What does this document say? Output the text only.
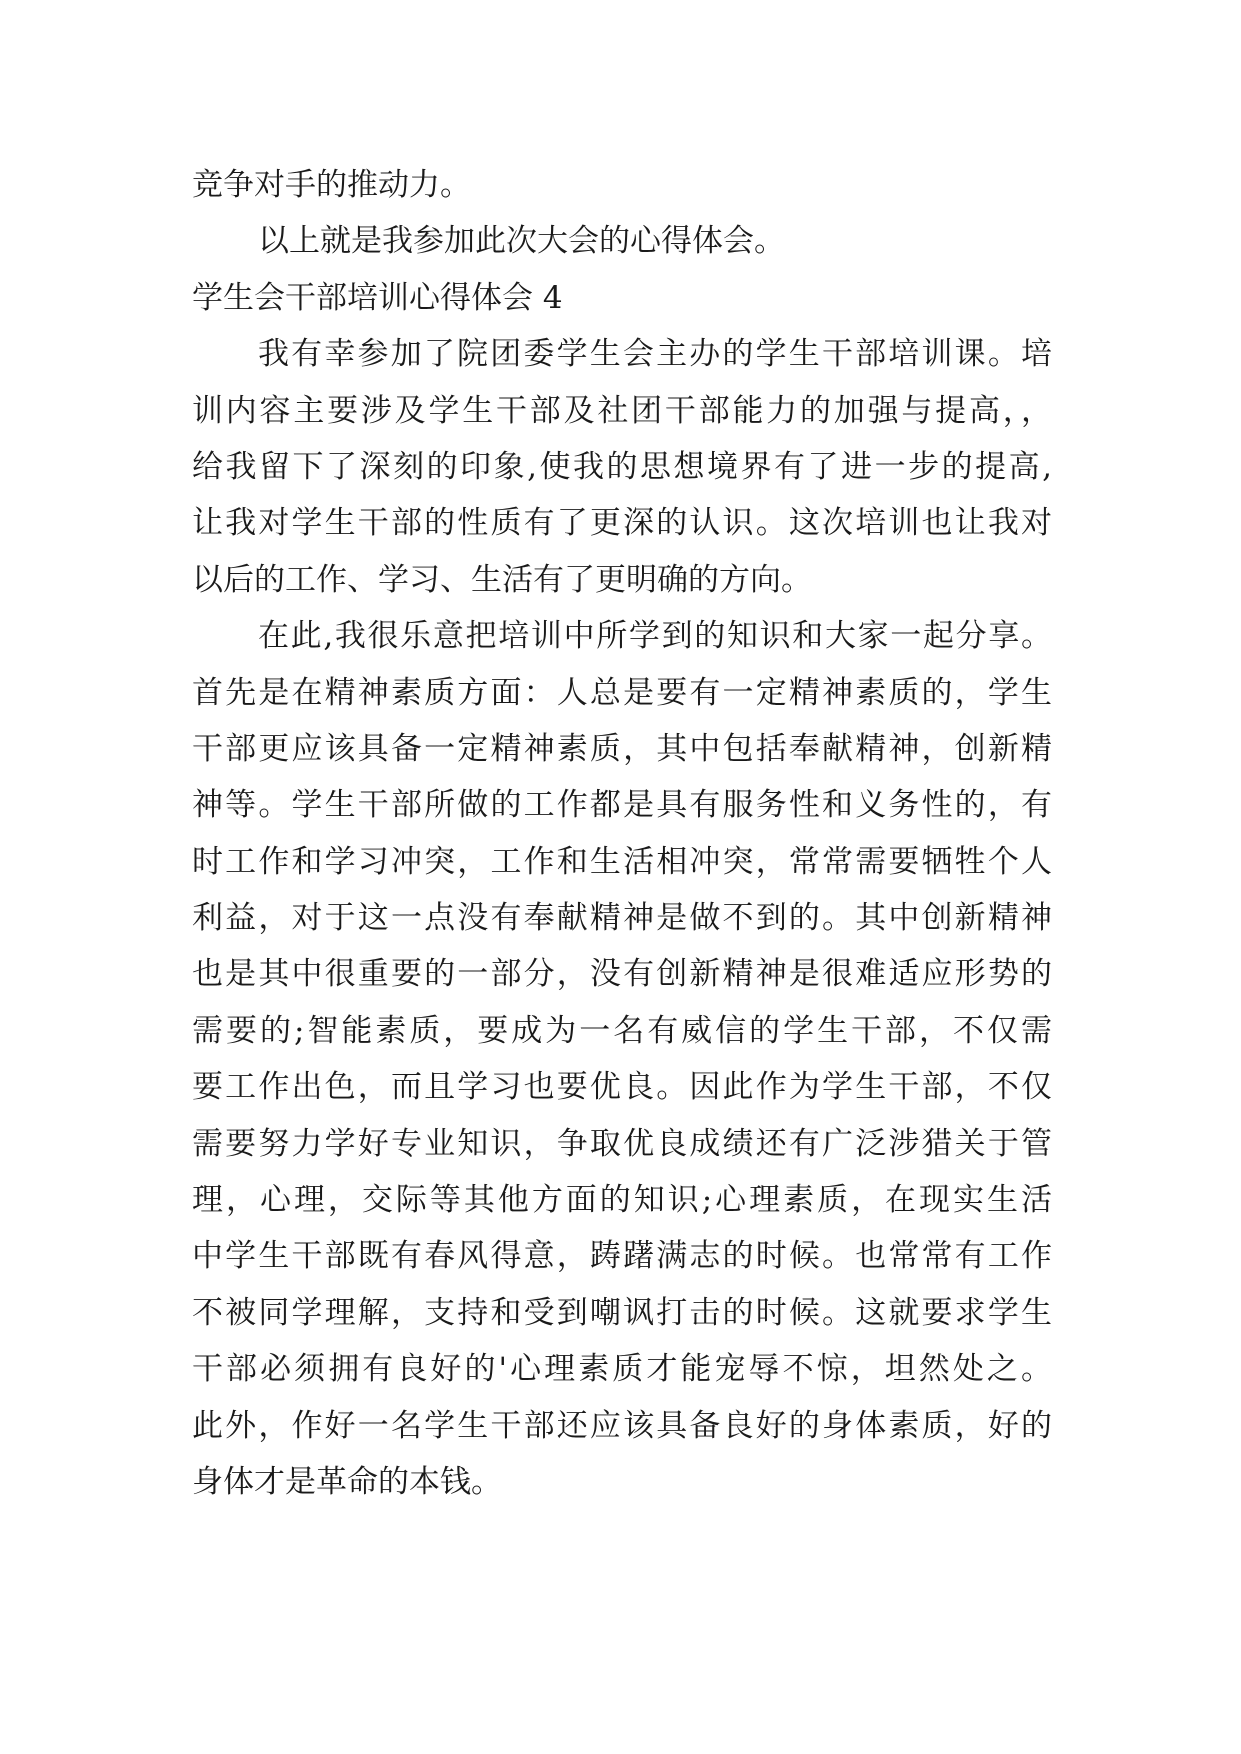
竞争对手的推动力。
以上就是我参加此次大会的心得体会。
学生会干部培训心得体会 4
我有幸参加了院团委学生会主办的学生干部培训课。培
训内容主要涉及学生干部及社团干部能力的加强与提高，，
给我留下了深刻的印象,使我的思想境界有了进一步的提高,
让我对学生干部的性质有了更深的认识。这次培训也让我对
以后的工作、学习、生活有了更明确的方向。
在此,我很乐意把培训中所学到的知识和大家一起分享。
首先是在精神素质方面：人总是要有一定精神素质的，学生
干部更应该具备一定精神素质，其中包括奉献精神，创新精
神等。学生干部所做的工作都是具有服务性和义务性的，有
时工作和学习冲突，工作和生活相冲突，常常需要牺牲个人
利益，对于这一点没有奉献精神是做不到的。其中创新精神
也是其中很重要的一部分，没有创新精神是很难适应形势的
需要的;智能素质，要成为一名有威信的学生干部，不仅需
要工作出色，而且学习也要优良。因此作为学生干部，不仅
需要努力学好专业知识，争取优良成绩还有广泛涉猎关于管
理，心理，交际等其他方面的知识;心理素质，在现实生活
中学生干部既有春风得意，踌躇满志的时候。也常常有工作
不被同学理解，支持和受到嘲讽打击的时候。这就要求学生
干部必须拥有良好的'心理素质才能宠辱不惊，坦然处之。
此外，作好一名学生干部还应该具备良好的身体素质，好的
身体才是革命的本钱。
